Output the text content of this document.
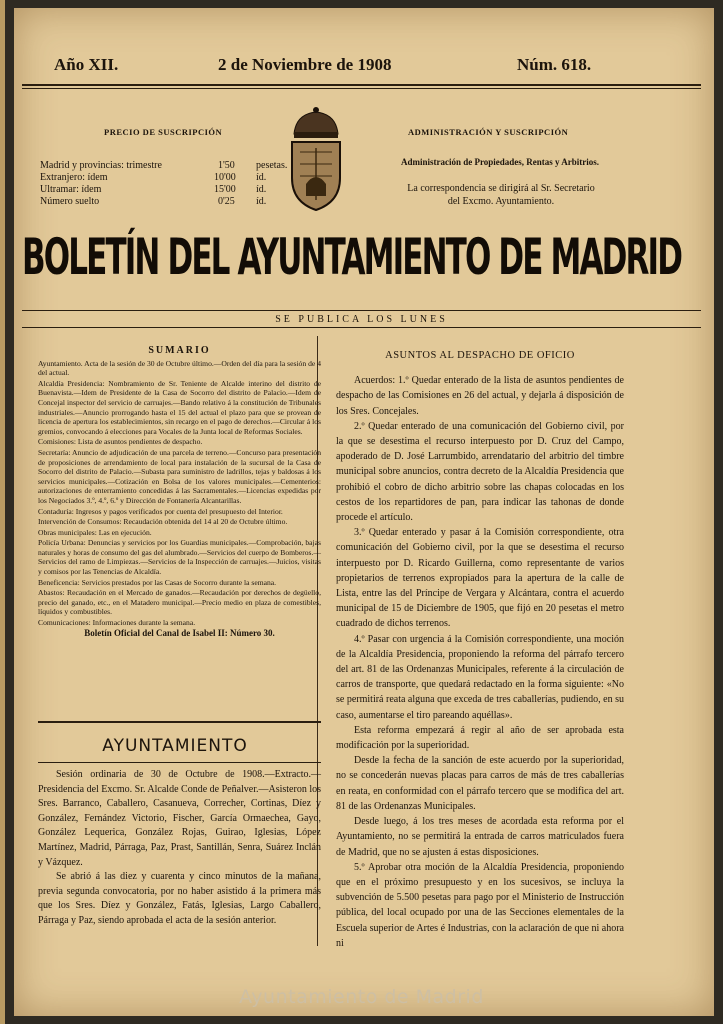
Año XII.	2 de Noviembre de 1908	Núm. 618.
PRECIO DE SUSCRIPCIÓN
Madrid y provincias: trimestre	1'50 pesetas.
Extranjero: ídem	10'00 íd.
Ultramar: ídem	15'00 íd.
Número suelto	0'25 íd.
ADMINISTRACIÓN Y SUSCRIPCIÓN
Administración de Propiedades, Rentas y Arbitrios.
La correspondencia se dirigirá al Sr. Secretario
del Excmo. Ayuntamiento.
BOLETÍN DEL AYUNTAMIENTO DE MADRID
SE PUBLICA LOS LUNES

SUMARIO

Ayuntamiento. Acta de la sesión de 30 de Octubre último.—Orden del día para la sesión de 4 del actual.

Alcaldía Presidencia: Nombramiento de Sr. Teniente de Alcalde interino del distrito de Buenavista.—Idem de Presidente de la Casa de Socorro del distrito de Palacio.—Idem de Concejal inspector del servicio de carruajes.—Bando relativo á la constitución de Tribunales industriales.—Anuncio prorrogando hasta el 15 del actual el plazo para que se provean de licencia de apertura los establecimientos, sin recargo en el pago de derechos.—Circular á los gremios, convocando á elecciones para Vocales de la Junta local de Reformas Sociales.

Comisiones: Lista de asuntos pendientes de despacho.

Secretaría: Anuncio de adjudicación de una parcela de terreno.—Concurso para presentación de proposiciones de arrendamiento de local para instalación de la sucursal de la Casa de Socorro del distrito de Palacio.—Subasta para suministro de ladrillos, tejas y baldosas á los servicios municipales.—Cotización en Bolsa de los valores municipales.—Cementerios: autorizaciones de enterramiento concedidas á las Sacramentales.—Licencias expedidas por los Negociados 3.º, 4.º, 6.º y Dirección de Fontanería Alcantarillas.

Contaduría: Ingresos y pagos verificados por cuenta del presupuesto del Interior.

Intervención de Consumos: Recaudación obtenida del 14 al 20 de Octubre último.

Obras municipales: Las en ejecución.

Policía Urbana: Denuncias y servicios por los Guardias municipales.—Comprobación, bajas naturales y horas de consumo del gas del alumbrado.—Servicios del cuerpo de Bomberos.—Servicios del ramo de Limpiezas.—Servicios de la Inspección de carruajes.—Juicios, visitas y comisos por las Tenencias de Alcaldía.

Beneficencia: Servicios prestados por las Casas de Socorro durante la semana.

Abastos: Recaudación en el Mercado de ganados.—Recaudación por derechos de degüello, precio del ganado, etc., en el Matadero municipal.—Precio medio en plaza de comestibles, líquidos y combustibles.

Comunicaciones: Informaciones durante la semana.

Boletín Oficial del Canal de Isabel II: Número 30.

AYUNTAMIENTO

Sesión ordinaria de 30 de Octubre de 1908.—Extracto.—Presidencia del Excmo. Sr. Alcalde Conde de Peñalver.—Asisteron los Sres. Barranco, Caballero, Casanueva, Correcher, Cortinas, Díez y González, Fernández Victorio, Fischer, García Ormaechea, Gayo, González Lequerica, González Rojas, Guirao, Iglesias, López Martínez, Madrid, Párraga, Paz, Prast, Santillán, Senra, Suárez Inclán y Vázquez.

Se abrió á las diez y cuarenta y cinco minutos de la mañana, previa segunda convocatoria, por no haber asistido á la primera más que los Sres. Díez y González, Fatás, Iglesias, Largo Caballero, Párraga y Paz, siendo aprobada el acta de la sesión anterior.

ASUNTOS AL DESPACHO DE OFICIO

Acuerdos: 1.º Quedar enterado de la lista de asuntos pendientes de despacho de las Comisiones en 26 del actual, y dejarla á disposición de los Sres. Concejales.

2.º Quedar enterado de una comunicación del Gobierno civil, por la que se desestima el recurso interpuesto por D. Cruz del Campo, apoderado de D. José Larrumbido, arrendatario del arbitrio del timbre municipal sobre anuncios, contra decreto de la Alcaldía Presidencia que prohibió el cobro de dicho arbitrio sobre las chapas colocadas en los cestos de los repartidores de pan, para indicar las tahonas de donde procede el artículo.

3.º Quedar enterado y pasar á la Comisión correspondiente, otra comunicación del Gobierno civil, por la que se desestima el recurso interpuesto por D. Ricardo Guillerna, como representante de varios propietarios de terrenos expropiados para la apertura de la calle de Lista, entre las del Príncipe de Vergara y Alcántara, contra el acuerdo municipal de 15 de Diciembre de 1905, que fijó en 20 pesetas el metro cuadrado de dichos terrenos.

4.º Pasar con urgencia á la Comisión correspondiente, una moción de la Alcaldía Presidencia, proponiendo la reforma del párrafo tercero del art. 81 de las Ordenanzas Municipales, referente á la circulación de carros de transporte, que quedará redactado en la forma siguiente: «No se permitirá reata alguna que exceda de tres caballerías, pudiendo, en su caso, aumentarse el tiro pareando aquéllas».

Esta reforma empezará á regir al año de ser aprobada esta modificación por la superioridad.

Desde la fecha de la sanción de este acuerdo por la superioridad, no se concederán nuevas placas para carros de más de tres caballerías en reata, en conformidad con el párrafo tercero que se modifica del art. 81 de las Ordenanzas Municipales.

Desde luego, á los tres meses de acordada esta reforma por el Ayuntamiento, no se permitirá la entrada de carros matriculados fuera de Madrid, que no se ajusten á estas disposiciones.

5.º Aprobar otra moción de la Alcaldía Presidencia, proponiendo que en el próximo presupuesto y en los sucesivos, se incluya la subvención de 5.500 pesetas para pago por el Ministerio de Instrucción pública, del local ocupado por una de las Secciones elementales de la Escuela superior de Artes é Industrias, con la aclaración de que ni ahora ni

Ayuntamiento de Madrid
